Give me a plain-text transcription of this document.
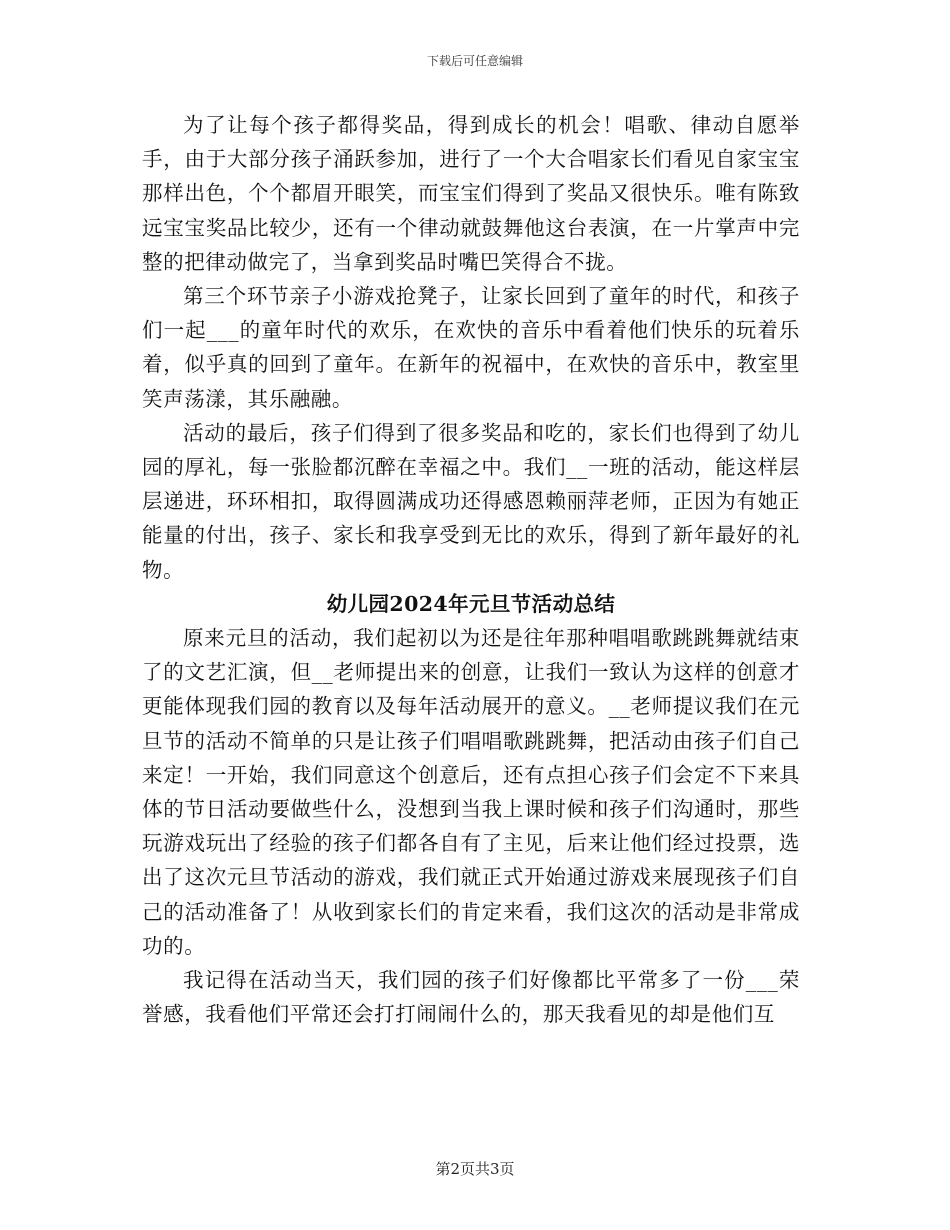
下载后可任意编辑

为了让每个孩子都得奖品，得到成长的机会！唱歌、律动自愿举手，由于大部分孩子涌跃参加，进行了一个大合唱家长们看见自家宝宝那样出色，个个都眉开眼笑，而宝宝们得到了奖品又很快乐。唯有陈致远宝宝奖品比较少，还有一个律动就鼓舞他这台表演，在一片掌声中完整的把律动做完了，当拿到奖品时嘴巴笑得合不拢。

第三个环节亲子小游戏抢凳子，让家长回到了童年的时代，和孩子们一起___的童年时代的欢乐，在欢快的音乐中看着他们快乐的玩着乐着，似乎真的回到了童年。在新年的祝福中，在欢快的音乐中，教室里笑声荡漾，其乐融融。

活动的最后，孩子们得到了很多奖品和吃的，家长们也得到了幼儿园的厚礼，每一张脸都沉醉在幸福之中。我们__一班的活动，能这样层层递进，环环相扣，取得圆满成功还得感恩赖丽萍老师，正因为有她正能量的付出，孩子、家长和我享受到无比的欢乐，得到了新年最好的礼物。

幼儿园2024年元旦节活动总结

原来元旦的活动，我们起初以为还是往年那种唱唱歌跳跳舞就结束了的文艺汇演，但__老师提出来的创意，让我们一致认为这样的创意才更能体现我们园的教育以及每年活动展开的意义。__老师提议我们在元旦节的活动不简单的只是让孩子们唱唱歌跳跳舞，把活动由孩子们自己来定！一开始，我们同意这个创意后，还有点担心孩子们会定不下来具体的节日活动要做些什么，没想到当我上课时候和孩子们沟通时，那些玩游戏玩出了经验的孩子们都各自有了主见，后来让他们经过投票，选出了这次元旦节活动的游戏，我们就正式开始通过游戏来展现孩子们自己的活动准备了！从收到家长们的肯定来看，我们这次的活动是非常成功的。

我记得在活动当天，我们园的孩子们好像都比平常多了一份___荣誉感，我看他们平常还会打打闹闹什么的，那天我看见的却是他们互

第2页共3页
